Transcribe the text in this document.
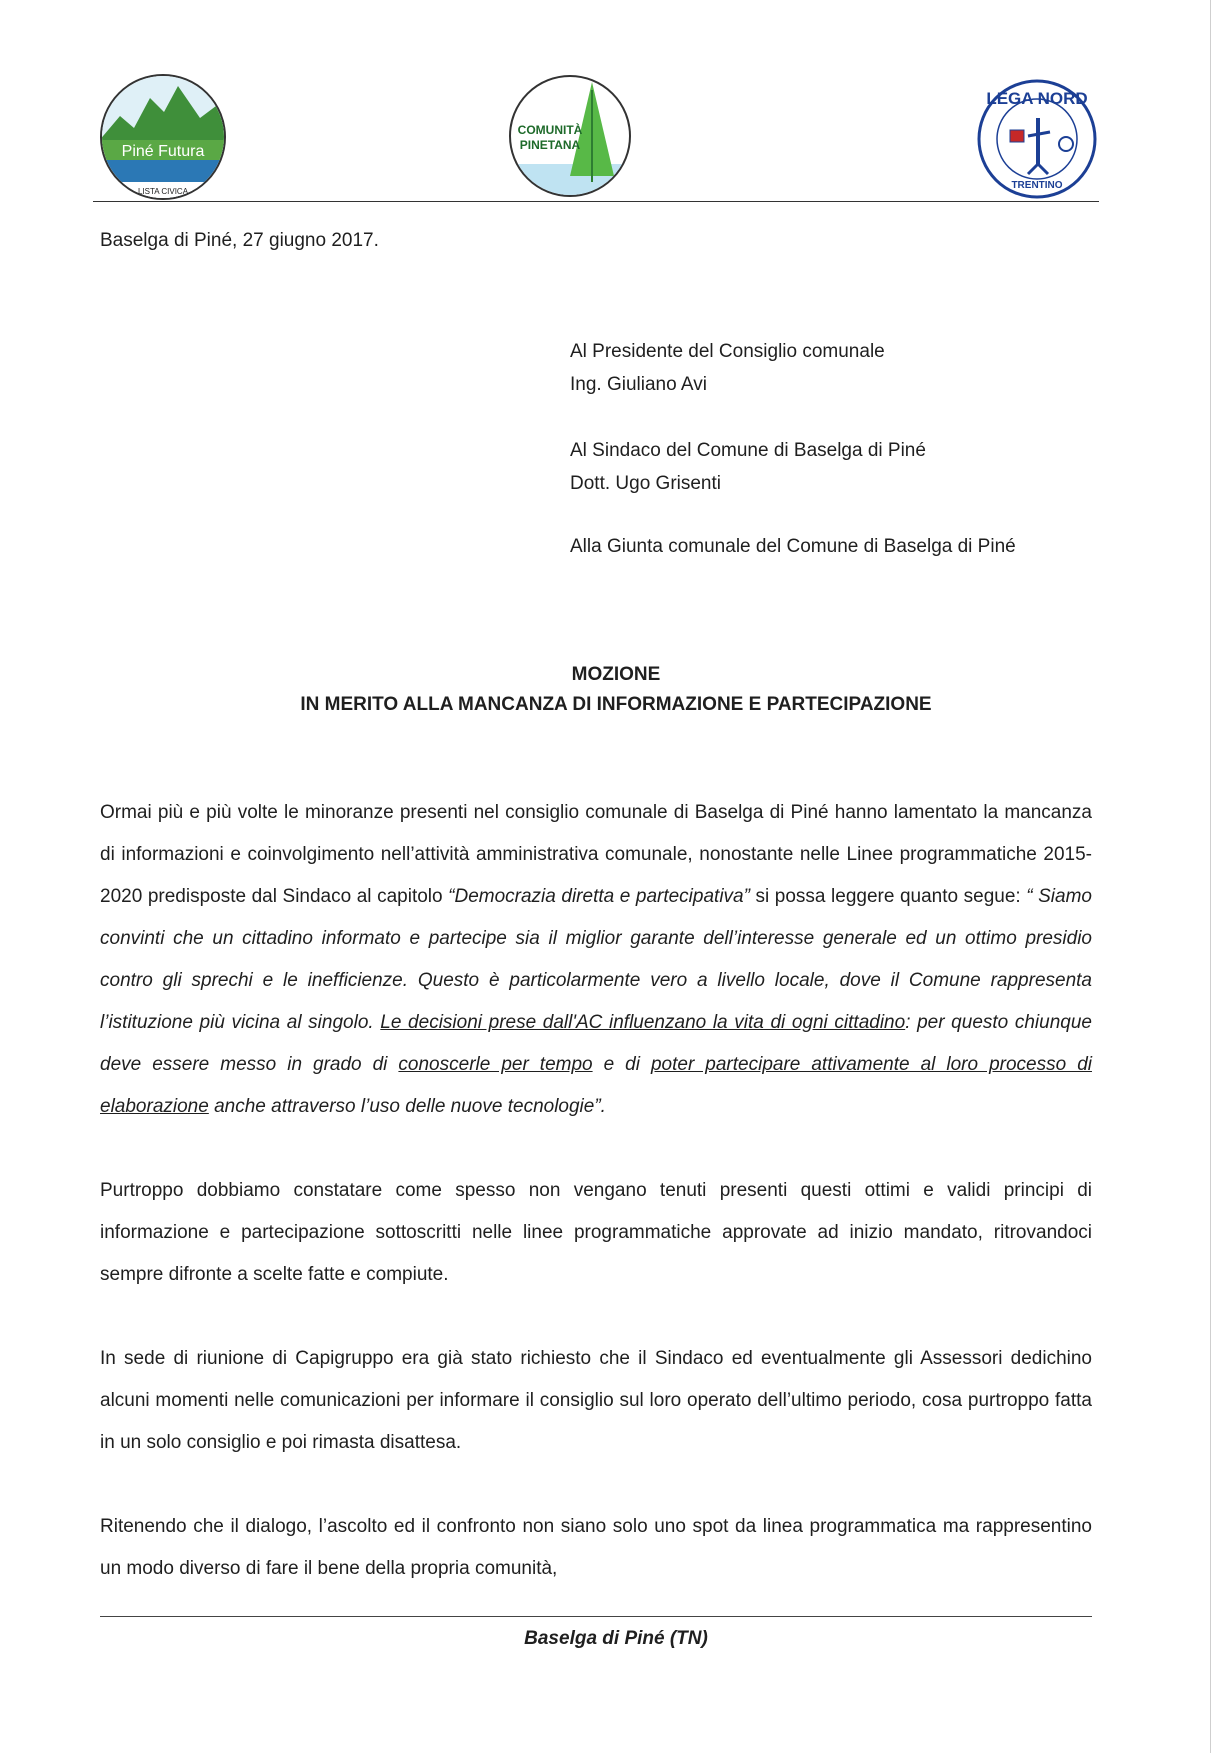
Piné Futura
LISTA CIVICA
COMUNITÀ
PINETANA
LEGA NORD
TRENTINO
Baselga di Piné, 27 giugno 2017.
Al Presidente del Consiglio comunale
Ing. Giuliano Avi
Al Sindaco del Comune di Baselga di Piné
Dott. Ugo Grisenti
Alla Giunta comunale del Comune di Baselga di Piné
MOZIONE
IN MERITO ALLA MANCANZA DI INFORMAZIONE E PARTECIPAZIONE
Ormai più e più volte le minoranze presenti nel consiglio comunale di Baselga di Piné hanno lamentato la mancanza di informazioni e coinvolgimento nell’attività amministrativa comunale, nonostante nelle Linee programmatiche 2015-2020 predisposte dal Sindaco al capitolo “Democrazia diretta e partecipativa” si possa leggere quanto segue: “ Siamo convinti che un cittadino informato e partecipe sia il miglior garante dell’interesse generale ed un ottimo presidio contro gli sprechi e le inefficienze. Questo è particolarmente vero a livello locale, dove il Comune rappresenta l’istituzione più vicina al singolo. Le decisioni prese dall'AC influenzano la vita di ogni cittadino: per questo chiunque deve essere messo in grado di conoscerle per tempo e di poter partecipare attivamente al loro processo di elaborazione anche attraverso l’uso delle nuove tecnologie”.
Purtroppo dobbiamo constatare come spesso non vengano tenuti presenti questi ottimi e validi principi di informazione e partecipazione sottoscritti nelle linee programmatiche approvate ad inizio mandato, ritrovandoci sempre difronte a scelte fatte e compiute.
In sede di riunione di Capigruppo era già stato richiesto che il Sindaco ed eventualmente gli Assessori dedichino alcuni momenti nelle comunicazioni per informare il consiglio sul loro operato dell’ultimo periodo, cosa purtroppo fatta in un solo consiglio e poi rimasta disattesa.
Ritenendo che il dialogo, l’ascolto ed il confronto non siano solo uno spot da linea programmatica ma rappresentino un modo diverso di fare il bene della propria comunità,
Baselga di Piné (TN)
